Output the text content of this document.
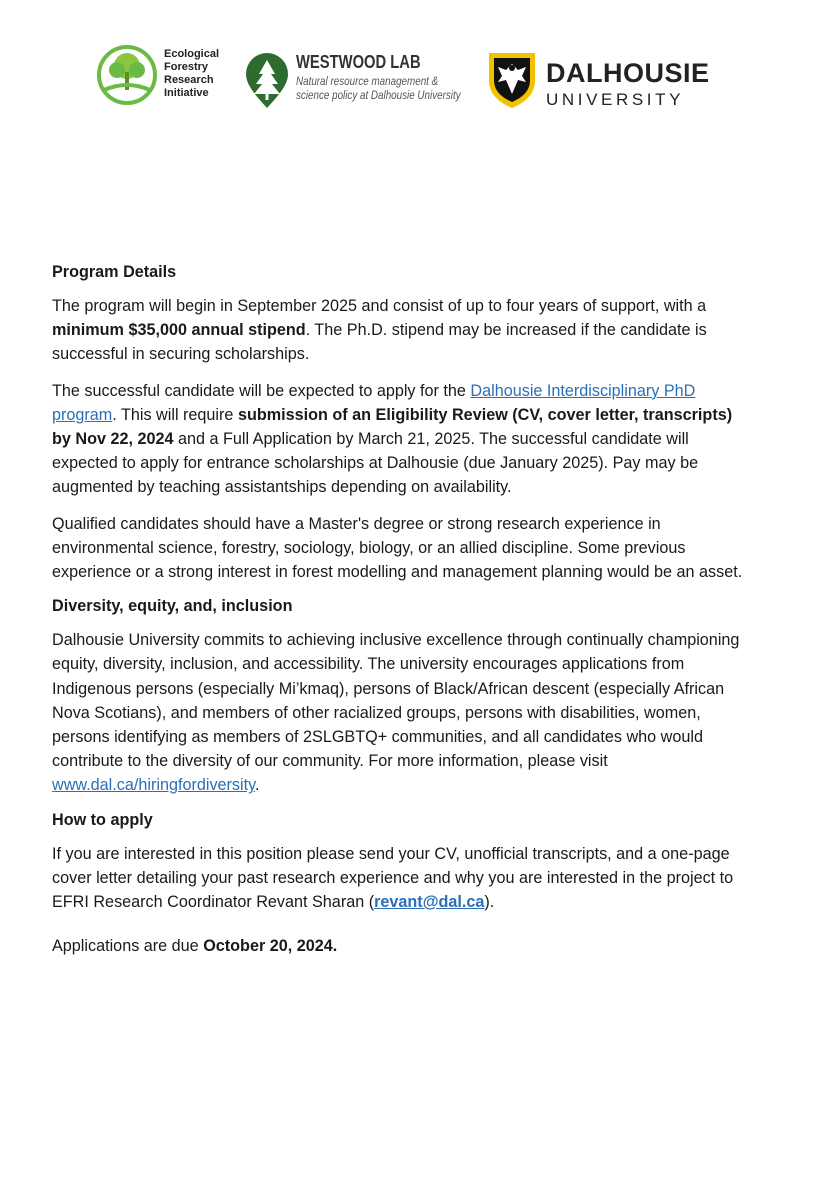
Ecological
Forestry
Research
Initiative
WESTWOOD LAB
Natural resource management &
science policy at Dalhousie University
DALHOUSIE
UNIVERSITY
Program Details

The program will begin in September 2025 and consist of up to four years of support, with a minimum $35,000 annual stipend. The Ph.D. stipend may be increased if the candidate is successful in securing scholarships.

The successful candidate will be expected to apply for the Dalhousie Interdisciplinary PhD program. This will require submission of an Eligibility Review (CV, cover letter, transcripts) by Nov 22, 2024 and a Full Application by March 21, 2025. The successful candidate will expected to apply for entrance scholarships at Dalhousie (due January 2025). Pay may be augmented by teaching assistantships depending on availability.

Qualified candidates should have a Master's degree or strong research experience in environmental science, forestry, sociology, biology, or an allied discipline. Some previous experience or a strong interest in forest modelling and management planning would be an asset.

Diversity, equity, and, inclusion

Dalhousie University commits to achieving inclusive excellence through continually championing equity, diversity, inclusion, and accessibility. The university encourages applications from Indigenous persons (especially Mi’kmaq), persons of Black/African descent (especially African Nova Scotians), and members of other racialized groups, persons with disabilities, women, persons identifying as members of 2SLGBTQ+ communities, and all candidates who would contribute to the diversity of our community. For more information, please visit www.dal.ca/hiringfordiversity.

How to apply

If you are interested in this position please send your CV, unofficial transcripts, and a one-page cover letter detailing your past research experience and why you are interested in the project to EFRI Research Coordinator Revant Sharan (revant@dal.ca).

Applications are due October 20, 2024.
